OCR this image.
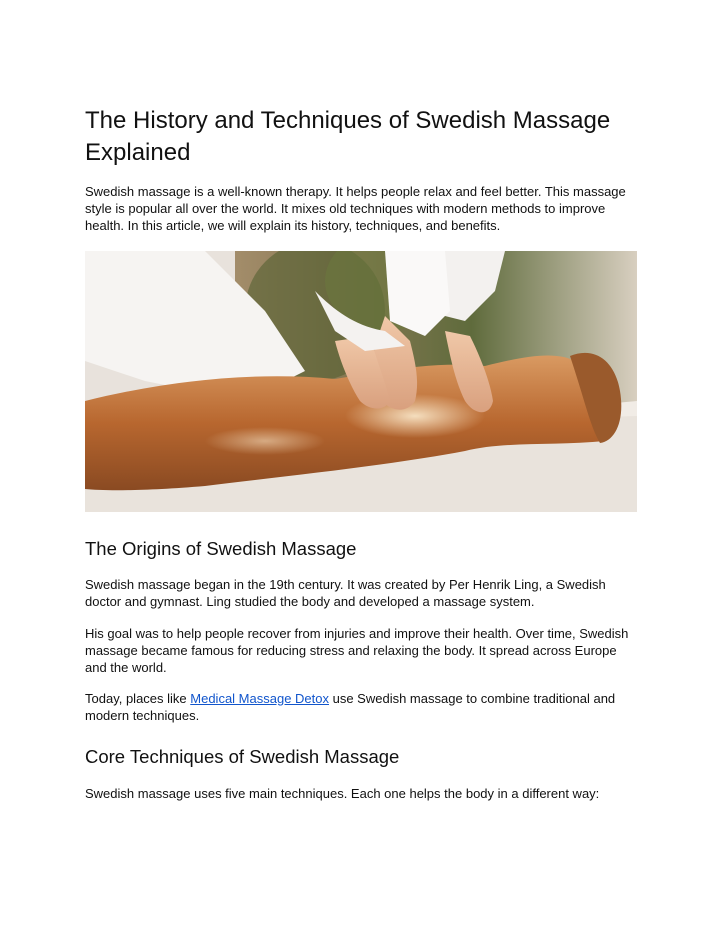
The History and Techniques of Swedish Massage Explained

Swedish massage is a well-known therapy. It helps people relax and feel better. This massage style is popular all over the world. It mixes old techniques with modern methods to improve health. In this article, we will explain its history, techniques, and benefits.

The Origins of Swedish Massage

Swedish massage began in the 19th century. It was created by Per Henrik Ling, a Swedish doctor and gymnast. Ling studied the body and developed a massage system.

His goal was to help people recover from injuries and improve their health. Over time, Swedish massage became famous for reducing stress and relaxing the body. It spread across Europe and the world.

Today, places like Medical Massage Detox use Swedish massage to combine traditional and modern techniques.

Core Techniques of Swedish Massage

Swedish massage uses five main techniques. Each one helps the body in a different way:
